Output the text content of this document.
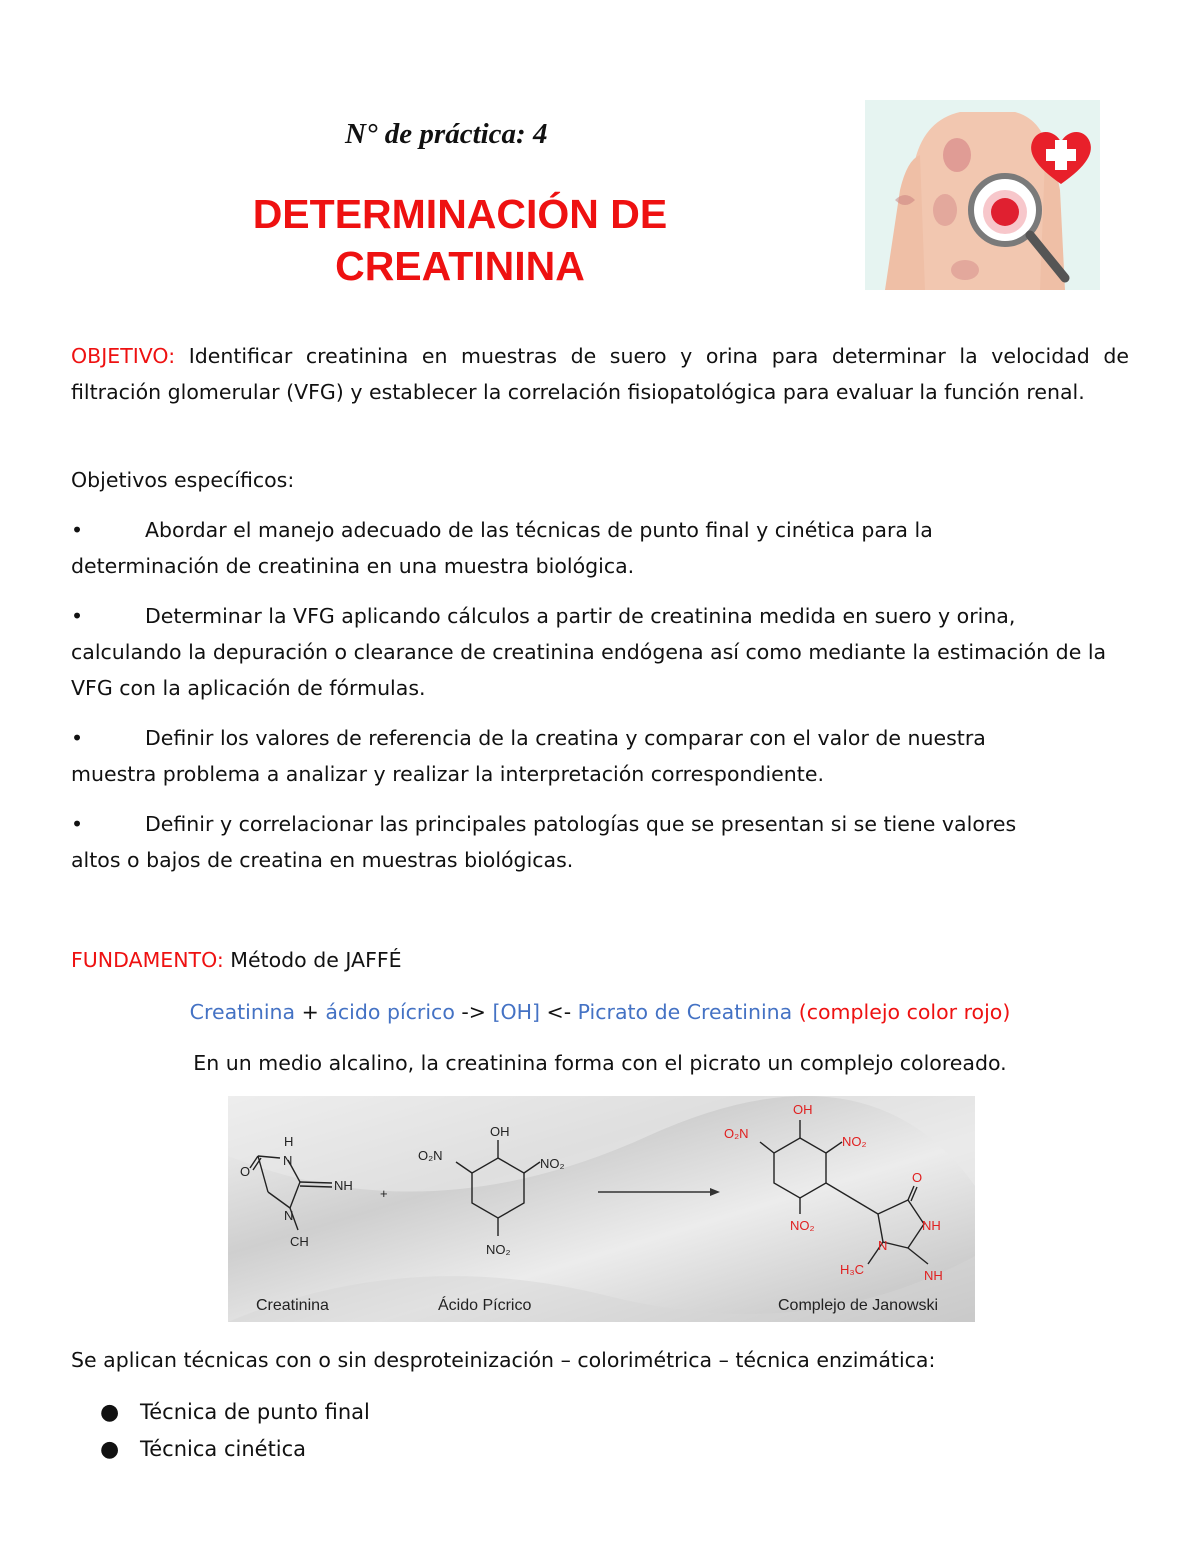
N° de práctica: 4
DETERMINACIÓN DE
CREATININA
OBJETIVO: Identificar creatinina en muestras de suero y orina para determinar la velocidad de filtración glomerular (VFG) y establecer la correlación fisiopatológica para evaluar la función renal.
Objetivos específicos:
•	Abordar el manejo adecuado de las técnicas de punto final y cinética para la
determinación de creatinina en una muestra biológica.
•	Determinar la VFG aplicando cálculos a partir de creatinina medida en suero y orina,
calculando la depuración o clearance de creatinina endógena así como mediante la estimación de la VFG con la aplicación de fórmulas.
•	Definir los valores de referencia de la creatina y comparar con el valor de nuestra
muestra problema a analizar y realizar la interpretación correspondiente.
•	Definir y correlacionar las principales patologías que se presentan si se tiene valores
altos o bajos de creatina en muestras biológicas.
FUNDAMENTO: Método de JAFFÉ
Creatinina + ácido pícrico -> [OH] <- Picrato de Creatinina (complejo color rojo)
En un medio alcalino, la creatinina forma con el picrato un complejo coloreado.
O
H
N
NH
N
CH
+
OH
O₂N
NO₂
NO₂
OH
O₂N
NO₂
NO₂
O
NH
N
H₃C	NH
Creatinina	Ácido Pícrico	Complejo de Janowski
Se aplican técnicas con o sin desproteinización – colorimétrica – técnica enzimática:
● Técnica de punto final
● Técnica cinética
